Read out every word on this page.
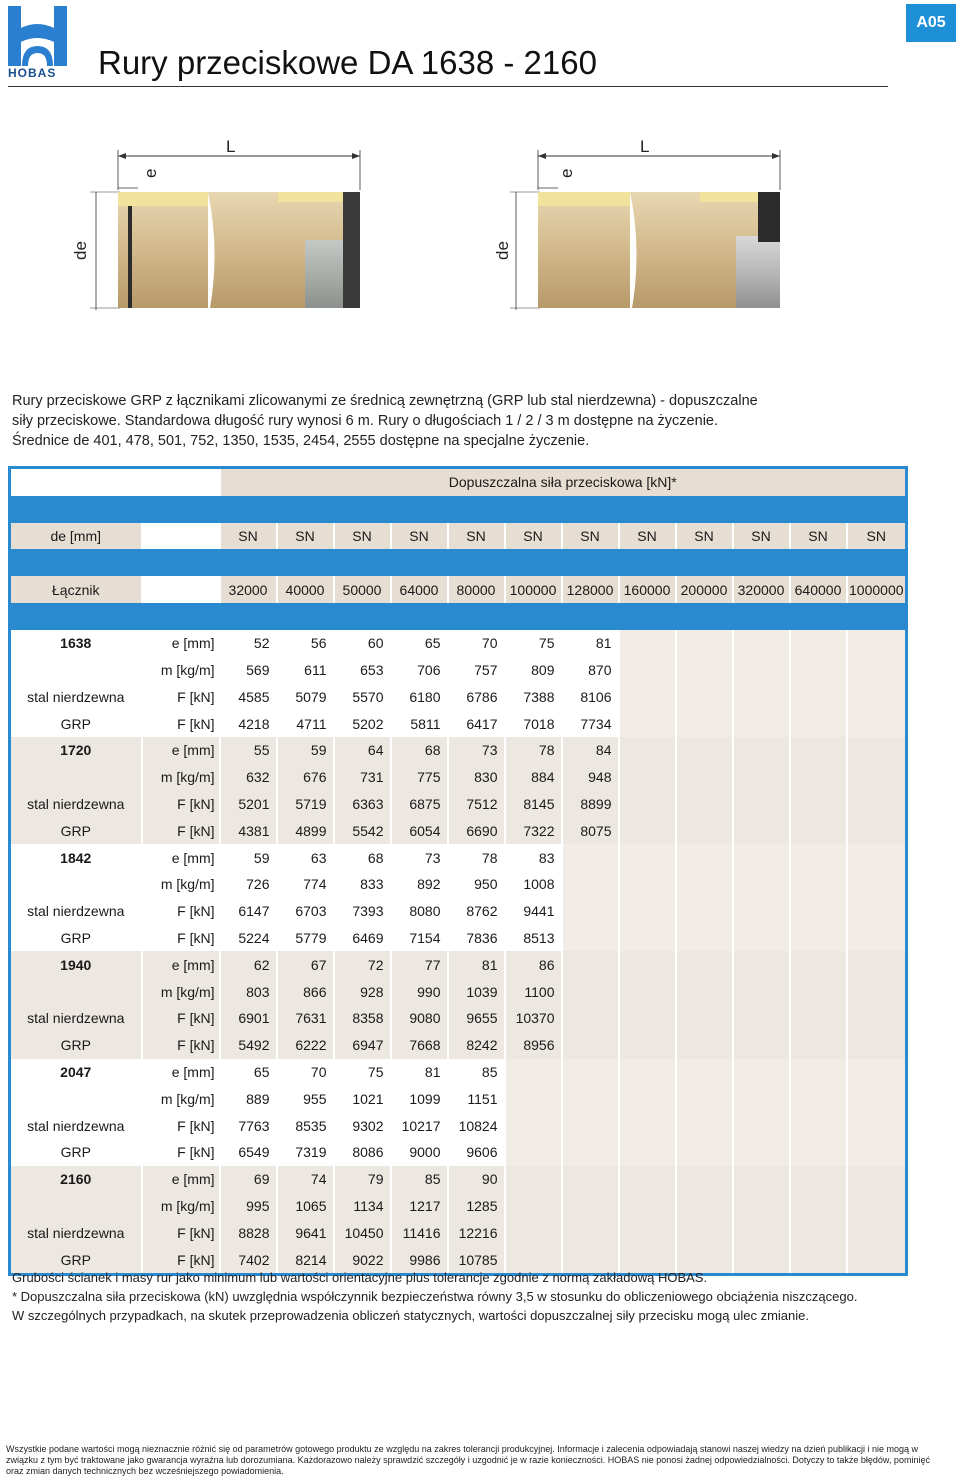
HOBAS Rury przeciskowe DA 1638 - 2160
A05
L
e
de
L
e
de

Rury przeciskowe GRP z łącznikami zlicowanymi ze średnicą zewnętrzną (GRP lub stal nierdzewna) - dopuszczalne

siły przeciskowe. Standardowa długość rury wynosi 6 m. Rury o długościach 1 / 2 / 3 m dostępne na życzenie.

Średnice de 401, 478, 501, 752, 1350, 1535, 2454, 2555 dostępne na specjalne życzenie.

		Dopuszczalna siła przeciskowa [kN]*											

de [mm]		SN	SN	SN	SN	SN	SN	SN	SN	SN	SN	SN	SN

Łącznik		32000	40000	50000	64000	80000	100000	128000	160000	200000	320000	640000	1000000

1638	e [mm]	52	56	60	65	70	75	81					
	m [kg/m]	569	611	653	706	757	809	870					
stal nierdzewna	F [kN]	4585	5079	5570	6180	6786	7388	8106					
GRP	F [kN]	4218	4711	5202	5811	6417	7018	7734					
1720	e [mm]	55	59	64	68	73	78	84					
	m [kg/m]	632	676	731	775	830	884	948					
stal nierdzewna	F [kN]	5201	5719	6363	6875	7512	8145	8899					
GRP	F [kN]	4381	4899	5542	6054	6690	7322	8075					
1842	e [mm]	59	63	68	73	78	83						
	m [kg/m]	726	774	833	892	950	1008						
stal nierdzewna	F [kN]	6147	6703	7393	8080	8762	9441						
GRP	F [kN]	5224	5779	6469	7154	7836	8513						
1940	e [mm]	62	67	72	77	81	86						
	m [kg/m]	803	866	928	990	1039	1100						
stal nierdzewna	F [kN]	6901	7631	8358	9080	9655	10370						
GRP	F [kN]	5492	6222	6947	7668	8242	8956						
2047	e [mm]	65	70	75	81	85							
	m [kg/m]	889	955	1021	1099	1151							
stal nierdzewna	F [kN]	7763	8535	9302	10217	10824							
GRP	F [kN]	6549	7319	8086	9000	9606							
2160	e [mm]	69	74	79	85	90							
	m [kg/m]	995	1065	1134	1217	1285							
stal nierdzewna	F [kN]	8828	9641	10450	11416	12216							
GRP	F [kN]	7402	8214	9022	9986	10785							

Grubości ścianek i masy rur jako minimum lub wartości orientacyjne plus tolerancje zgodnie z normą zakładową HOBAS.

* Dopuszczalna siła przeciskowa (kN) uwzględnia współczynnik bezpieczeństwa równy 3,5 w stosunku do obliczeniowego obciążenia niszczącego.

W szczególnych przypadkach, na skutek przeprowadzenia obliczeń statycznych, wartości dopuszczalnej siły przecisku mogą ulec zmianie.

Wszystkie podane wartości mogą nieznacznie różnić się od parametrów gotowego produktu ze względu na zakres tolerancji produkcyjnej. Informacje i zalecenia odpowiadają stanowi naszej wiedzy na dzień publikacji i nie mogą w związku z tym być traktowane jako gwarancja wyraźna lub dorozumiana. Każdorazowo należy sprawdzić szczegóły i uzgodnić je w razie konieczności. HOBAS nie ponosi żadnej odpowiedzialności. Dotyczy to także błędów, pominięć oraz zmian danych technicznych bez wcześniejszego powiadomienia.
